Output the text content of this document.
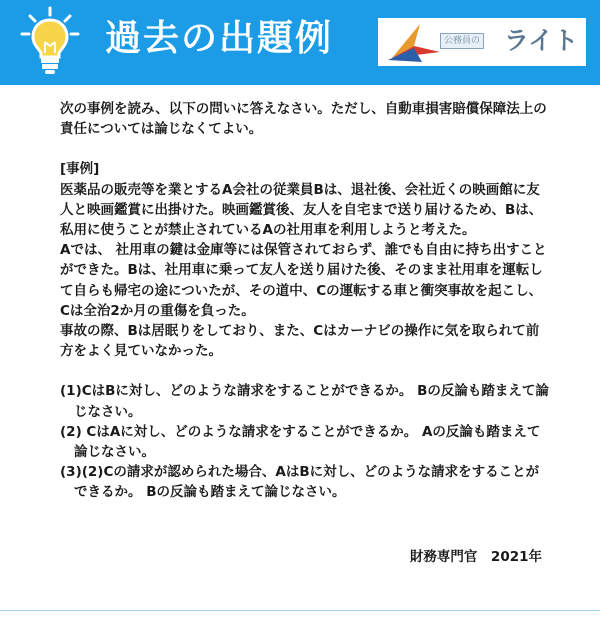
過去の出題例	公務員の ライト

次の事例を読み、以下の問いに答えなさい。ただし、自動車損害賠償保障法上の責任については論じなくてよい。

[事例]

医薬品の販売等を業とするA会社の従業員Bは、退社後、会社近くの映画館に友人と映画鑑賞に出掛けた。映画鑑賞後、友人を自宅まで送り届けるため、Bは、私用に使うことが禁止されているAの社用車を利用しようと考えた。

Aでは、 社用車の鍵は金庫等には保管されておらず、誰でも自由に持ち出すことができた。Bは、社用車に乗って友人を送り届けた後、そのまま社用車を運転して自らも帰宅の途についたが、その道中、Cの運転する車と衝突事故を起こし、Cは全治2か月の重傷を負った。

事故の際、Bは居眠りをしており、また、Cはカーナビの操作に気を取られて前方をよく見ていなかった。

(1)CはBに対し、どのような請求をすることができるか。 Bの反論も踏まえて論じなさい。

(2) CはAに対し、どのような請求をすることができるか。 Aの反論も踏まえて論じなさい。

(3)(2)Cの請求が認められた場合、AはBに対し、どのような請求をすることができるか。 Bの反論も踏まえて論じなさい。

財務専門官　2021年
